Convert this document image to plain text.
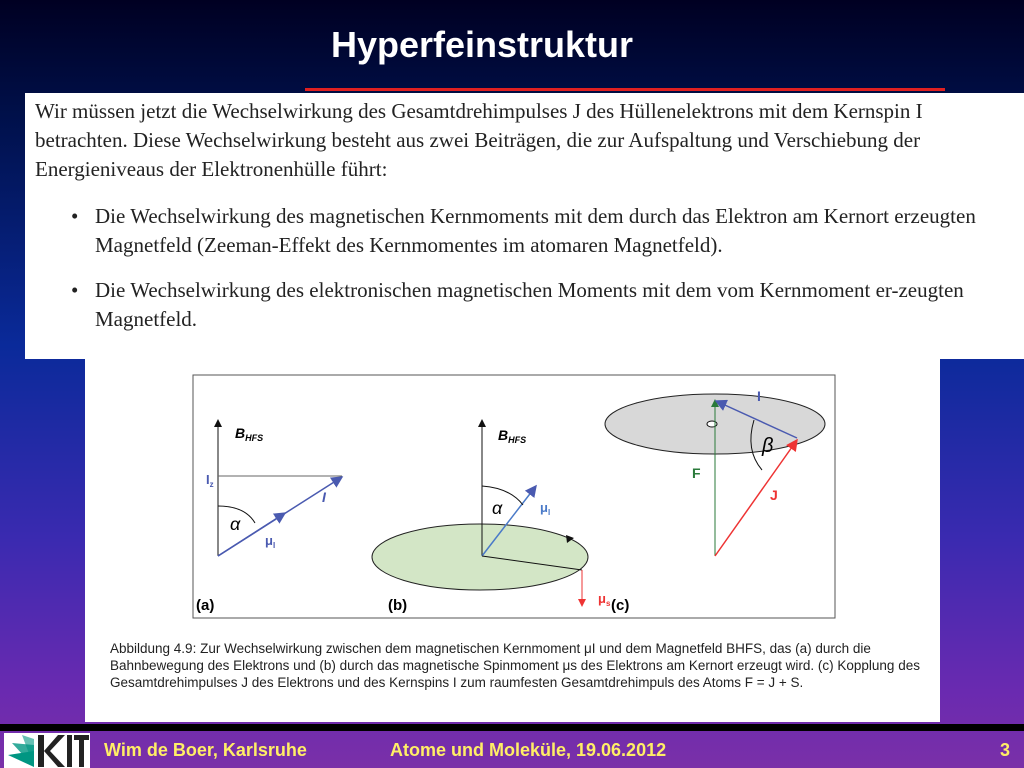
Hyperfeinstruktur

Wir müssen jetzt die Wechselwirkung des Gesamtdrehimpulses J des Hüllenelektrons mit dem Kernspin I betrachten. Diese Wechselwirkung besteht aus zwei Beiträgen, die zur Aufspaltung und Verschiebung der Energieniveaus der Elektronenhülle führt:

• Die Wechselwirkung des magnetischen Kernmoments mit dem durch das Elektron am Kernort erzeugten Magnetfeld (Zeeman-Effekt des Kernmomentes im atomaren Magnetfeld).
• Die Wechselwirkung des elektronischen magnetischen Moments mit dem vom Kernmoment er-zeugten Magnetfeld.
$B_{HFS}$
$I_z$
I
α
$\mu_I$
(a)
$B_{HFS}$
α	$\mu_I$
$\mu_s$
(b)
I
β
F
J
(c)
Abbildung 4.9: Zur Wechselwirkung zwischen dem magnetischen Kernmoment μI und dem Magnetfeld BHFS, das (a) durch die Bahnbewegung des Elektrons und (b) durch das magnetische Spinmoment μs des Elektrons am Kernort erzeugt wird. (c) Kopplung des Gesamtdrehimpulses J des Elektrons und des Kernspins I zum raumfesten Gesamtdrehimpuls des Atoms F = J + S.
Wim de Boer, Karlsruhe	Atome und Moleküle, 19.06.2012	3
